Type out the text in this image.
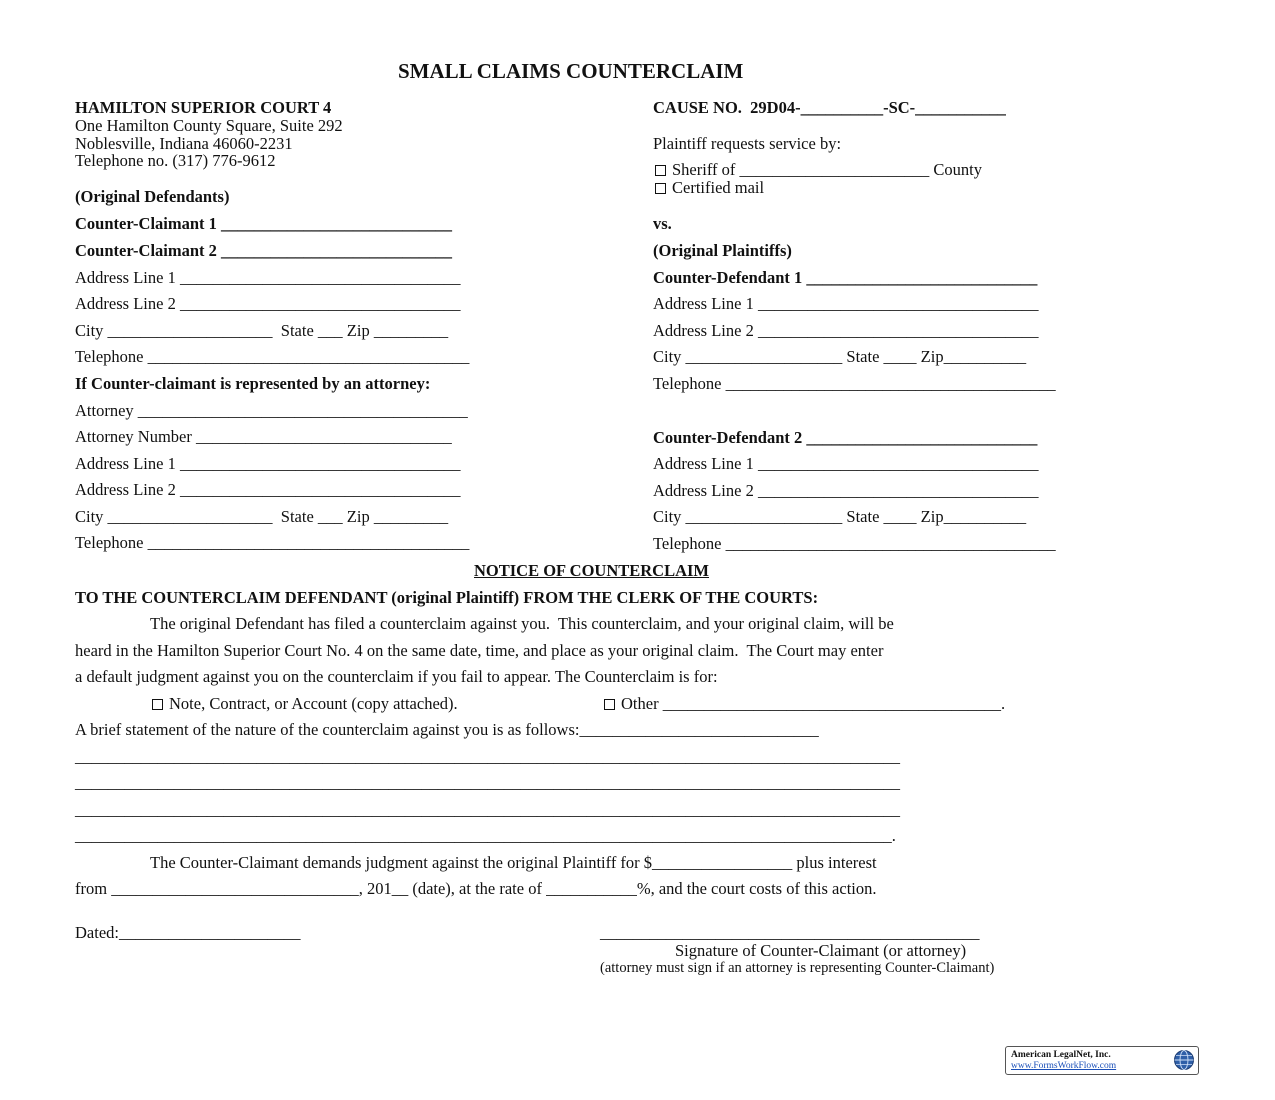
SMALL CLAIMS COUNTERCLAIM
HAMILTON SUPERIOR COURT 4
One Hamilton County Square, Suite 292
Noblesville, Indiana 46060-2231
Telephone no. (317) 776-9612
CAUSE NO.  29D04-__________-SC-___________
Plaintiff requests service by:
Sheriff of _______________________ County
Certified mail
(Original Defendants)
Counter-Claimant 1 ____________________________
Counter-Claimant 2 ____________________________
Address Line 1 __________________________________
Address Line 2 __________________________________
City ____________________  State ___ Zip _________
Telephone _______________________________________
If Counter-claimant is represented by an attorney:
Attorney ________________________________________
Attorney Number _______________________________
Address Line 1 __________________________________
Address Line 2 __________________________________
City ____________________  State ___ Zip _________
Telephone _______________________________________
vs.
(Original Plaintiffs)
Counter-Defendant 1 ____________________________
Address Line 1 __________________________________
Address Line 2 __________________________________
City ___________________ State ____ Zip__________
Telephone ________________________________________
Counter-Defendant 2 ____________________________
Address Line 1 __________________________________
Address Line 2 __________________________________
City ___________________ State ____ Zip__________
Telephone ________________________________________
NOTICE OF COUNTERCLAIM
TO THE COUNTERCLAIM DEFENDANT (original Plaintiff) FROM THE CLERK OF THE COURTS:
The original Defendant has filed a counterclaim against you.  This counterclaim, and your original claim, will be
heard in the Hamilton Superior Court No. 4 on the same date, time, and place as your original claim.  The Court may enter
a default judgment against you on the counterclaim if you fail to appear. The Counterclaim is for:
Note, Contract, or Account (copy attached).	Other _________________________________________.
A brief statement of the nature of the counterclaim against you is as follows:_____________________________
____________________________________________________________________________________________________
____________________________________________________________________________________________________
____________________________________________________________________________________________________
___________________________________________________________________________________________________.
The Counter-Claimant demands judgment against the original Plaintiff for $_________________ plus interest
from ______________________________, 201__ (date), at the rate of ___________%, and the court costs of this action.
Dated:______________________	______________________________________________
Signature of Counter-Claimant (or attorney)
(attorney must sign if an attorney is representing Counter-Claimant)
American LegalNet, Inc.
www.FormsWorkFlow.com
